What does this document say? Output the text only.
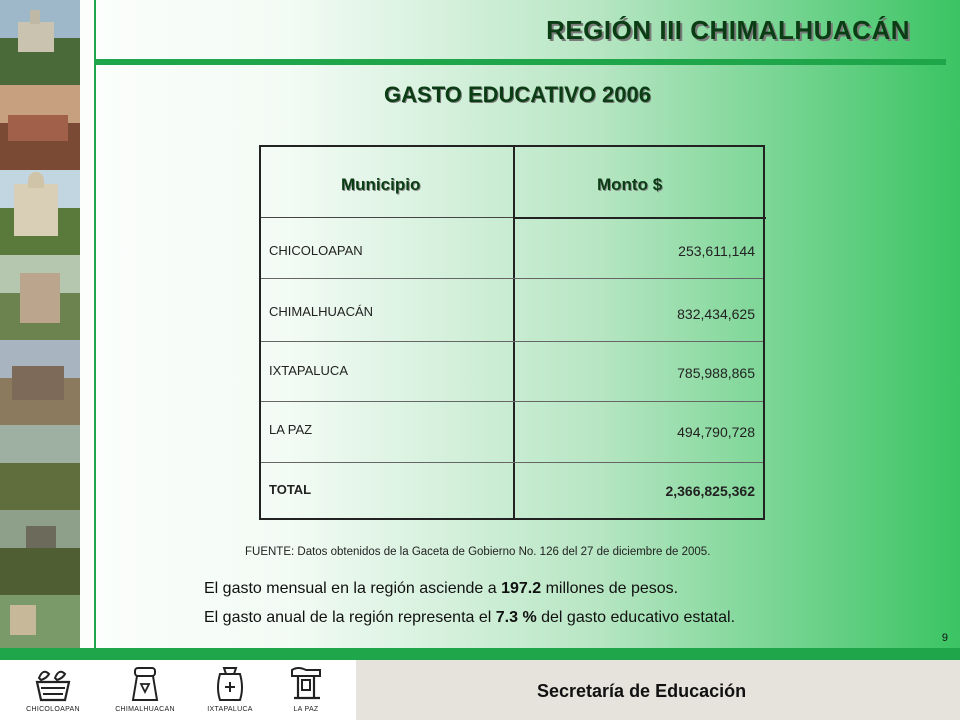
REGIÓN III CHIMALHUACÁN
GASTO EDUCATIVO 2006
Municipio	Monto $
CHICOLOAPAN	253,611,144
CHIMALHUACÁN	832,434,625
IXTAPALUCA	785,988,865
LA PAZ	494,790,728
TOTAL	2,366,825,362
FUENTE: Datos obtenidos de la Gaceta de Gobierno No. 126 del 27 de diciembre de 2005.
El gasto mensual en la región asciende a 197.2 millones de pesos.
El gasto anual de la región representa el 7.3 % del gasto educativo estatal.
9
Secretaría de Educación
CHICOLOAPAN	CHIMALHUACAN	IXTAPALUCA	LA PAZ
